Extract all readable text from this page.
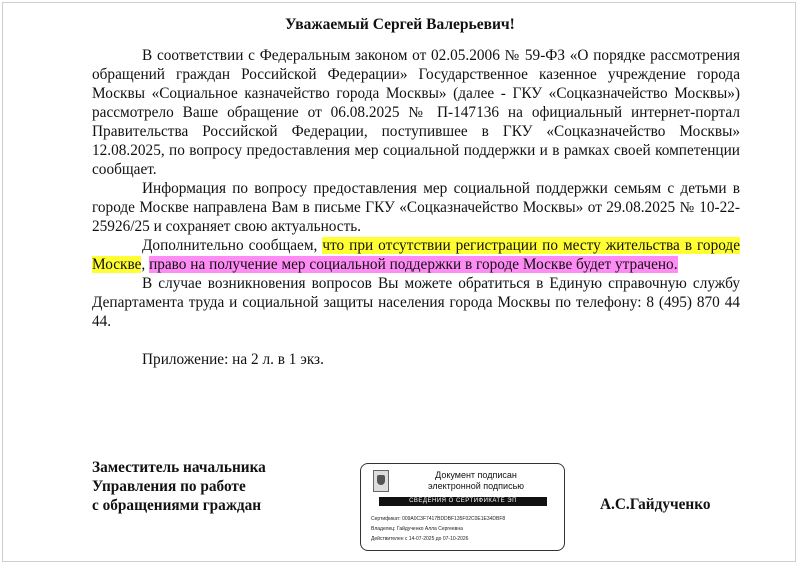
Уважаемый Сергей Валерьевич!

В соответствии с Федеральным законом от 02.05.2006 № 59-ФЗ «О порядке рассмотрения обращений граждан Российской Федерации» Государственное казенное учреждение города Москвы «Социальное казначейство города Москвы» (далее - ГКУ «Соцказначейство Москвы») рассмотрело Ваше обращение от 06.08.2025 № П-147136 на официальный интернет-портал Правительства Российской Федерации, поступившее в ГКУ «Соцказначейство Москвы» 12.08.2025, по вопросу предоставления мер социальной поддержки и в рамках своей компетенции сообщает.

Информация по вопросу предоставления мер социальной поддержки семьям с детьми в городе Москве направлена Вам в письме ГКУ «Соцказначейство Москвы» от 29.08.2025 № 10-22-25926/25 и сохраняет свою актуальность.

Дополнительно сообщаем, что при отсутствии регистрации по месту жительства в городе Москве, право на получение мер социальной поддержки в городе Москве будет утрачено.

В случае возникновения вопросов Вы можете обратиться в Единую справочную службу Департамента труда и социальной защиты населения города Москвы по телефону: 8 (495) 870 44 44.

Приложение: на 2 л. в 1 экз.

Заместитель начальника
Управления по работе
с обращениями граждан
Документ подписан
электронной подписью
СВЕДЕНИЯ О СЕРТИФИКАТЕ ЭП
Сертификат: 009A0C3F7417BDDBF135F02C0E1E34DBF8
Владелец: Гайдученко Алла Сергеевна
Действителен с 14-07-2025 до 07-10-2026
А.С.Гайдученко
